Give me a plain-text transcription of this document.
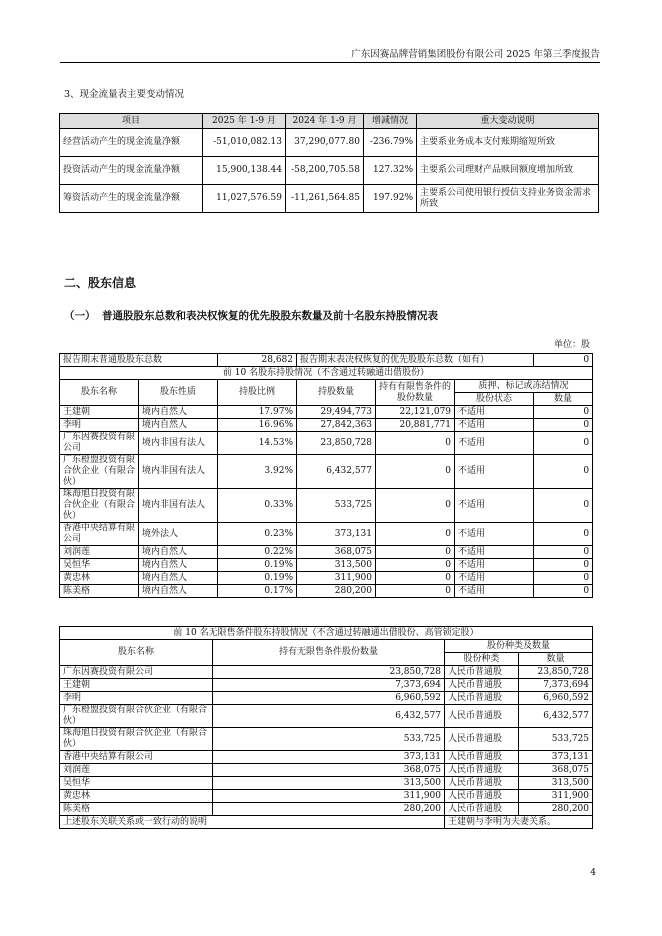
广东因赛品牌营销集团股份有限公司 2025 年第三季度报告
3、现金流量表主要变动情况
项目	2025 年 1-9 月	2024 年 1-9 月	增减情况	重大变动说明
经营活动产生的现金流量净额	-51,010,082.13	37,290,077.80	-236.79%	主要系业务成本支付账期缩短所致
投资活动产生的现金流量净额	15,900,138.44	-58,200,705.58	127.32%	主要系公司理财产品赎回额度增加所致
筹资活动产生的现金流量净额	11,027,576.59	-11,261,564.85	197.92%	主要系公司使用银行授信支持业务资金需求所致
二、股东信息
（一） 普通股股东总数和表决权恢复的优先股股东数量及前十名股东持股情况表
单位：股
报告期末普通股股东总数		28,682	报告期末表决权恢复的优先股股东总数（如有）			0
前 10 名股东持股情况（不含通过转融通出借股份）						
股东名称	股东性质	持股比例	持股数量	持有有限售条件的股份数量	质押、标记或冻结情况	
					股份状态	数量
王建朝	境内自然人	17.97%	29,494,773	22,121,079	不适用	0
李明	境内自然人	16.96%	27,842,363	20,881,771	不适用	0
广东因赛投资有限公司	境内非国有法人	14.53%	23,850,728	0	不适用	0
广东橙盟投资有限合伙企业（有限合伙）	境内非国有法人	3.92%	6,432,577	0	不适用	0
珠海旭日投资有限合伙企业（有限合伙）	境内非国有法人	0.33%	533,725	0	不适用	0
香港中央结算有限公司	境外法人	0.23%	373,131	0	不适用	0
刘润莲	境内自然人	0.22%	368,075	0	不适用	0
吴恒华	境内自然人	0.19%	313,500	0	不适用	0
黄忠林	境内自然人	0.19%	311,900	0	不适用	0
陈美格	境内自然人	0.17%	280,200	0	不适用	0
前 10 名无限售条件股东持股情况（不含通过转融通出借股份、高管锁定股）			
股东名称	持有无限售条件股份数量	股份种类及数量	
		股份种类	数量
广东因赛投资有限公司	23,850,728	人民币普通股	23,850,728
王建朝	7,373,694	人民币普通股	7,373,694
李明	6,960,592	人民币普通股	6,960,592
广东橙盟投资有限合伙企业（有限合伙）	6,432,577	人民币普通股	6,432,577
珠海旭日投资有限合伙企业（有限合伙）	533,725	人民币普通股	533,725
香港中央结算有限公司	373,131	人民币普通股	373,131
刘润莲	368,075	人民币普通股	368,075
吴恒华	313,500	人民币普通股	313,500
黄忠林	311,900	人民币普通股	311,900
陈美格	280,200	人民币普通股	280,200
上述股东关联关系或一致行动的说明		王建朝与李明为夫妻关系。	
4
